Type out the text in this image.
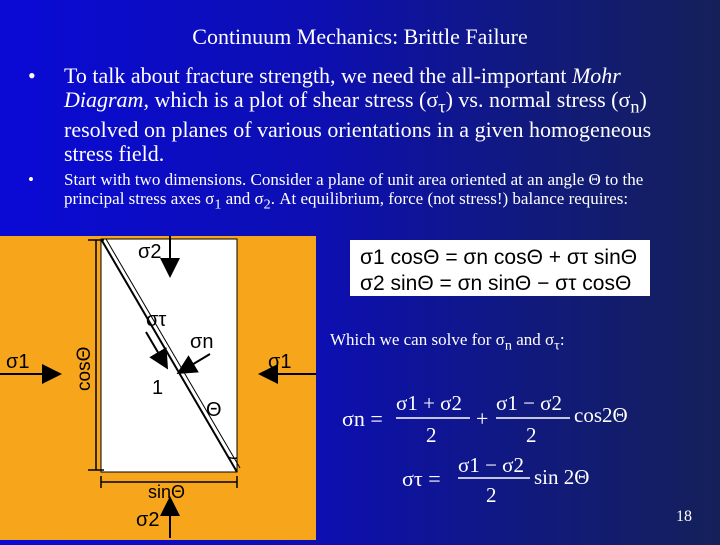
Continuum Mechanics: Brittle Failure
• To talk about fracture strength, we need the all-important Mohr Diagram, which is a plot of shear stress $(\sigma_\tau)$ vs. normal stress $(\sigma_n)$ resolved on planes of various orientations in a given homogeneous stress field.
• Start with two dimensions. Consider a plane of unit area oriented at an angle Θ to the principal stress axes $\sigma_1$ and $\sigma_2$. At equilibrium, force (not stress!) balance requires:
σ2
σ1	σ1
στ
σn
1
Θ
cosΘ
sinΘ
σ2
σ1 cosΘ = σn cosΘ + στ sinΘ
σ2 sinΘ = σn sinΘ − στ cosΘ
Which we can solve for $\sigma_n$ and $\sigma_\tau$:
σn =
σ1 + σ2
2
+
σ1 − σ2
2
cos2Θ
στ =
σ1 − σ2
2
sin 2Θ
18
